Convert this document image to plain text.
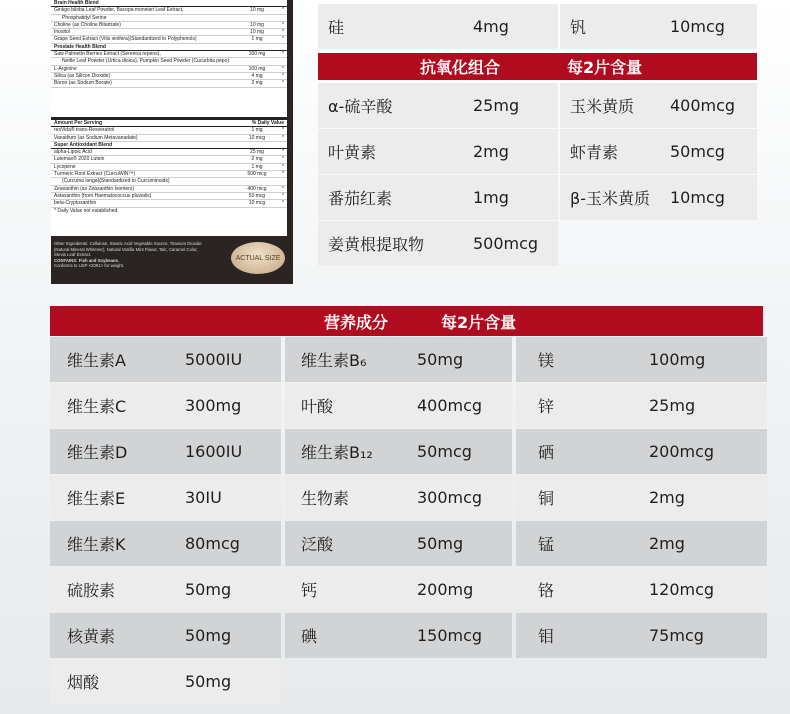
Brain Health Blend
Ginkgo biloba Leaf Powder, Bacopa monnieri Leaf Extract,	10 mg	*
Phosphatidyl Serine
Choline (as Choline Bitartrate)	10 mg	*
Inositol	10 mg	*
Grape Seed Extract (Vitis vinifera)(Standardized to Polyphenols)	1 mg	*
Prostate Health Blend
Saw Palmetto Berries Extract (Serenoa repens),	160 mg	*
Nettle Leaf Powder (Urtica dioica), Pumpkin Seed Powder (Cucurbita pepo)
L-Arginine	100 mg	*
Silica (as Silicon Dioxide)	4 mg	*
Boron (as Sodium Borate)	2 mg	*
Amount Per Serving	% Daily Value
resVida® trans-Resveratrol	1 mg	*
Vanadium (as Sodium Metavanadate)	10 mcg	*
Super Antioxidant Blend
alpha-Lipoic Acid	25 mg	*
Lutemax® 2020 Lutein	2 mg	*
Lycopene	1 mg	*
Turmeric Root Extract (CurcuWIN™)	500 mcg	*
(Curcuma longa)(Standardized to Curcuminoids)
Zeaxanthin (as Zeaxanthin Isomers)	400 mcg	*
Astaxanthin (from Haematococcus pluvialis)	50 mcg	*
beta-Cryptoxanthin	10 mcg	*
* Daily Value not established.
Other Ingredients: Cellulose, Stearic Acid Vegetable Source, Titanium Dioxide (Natural Mineral Whitener), Natural Vanilla Mint Flavor, Talc, Caramel Color, Stevia Leaf Extract.
CONTAINS: Fish and Soybeans.
Conforms to USP <2091> for weight.
ACTUAL SIZE
硅	4mg	钒	10mcg
抗氧化组合	每2片含量
α-硫辛酸	25mg	玉米黄质 400mcg
叶黄素	2mg	虾青素	50mcg
番茄红素	1mg	β-玉米黄质 10mcg
姜黄根提取物	500mcg
营养成分	每2片含量
维生素A	5000IU	维生素B₆	50mg	镁	100mg
维生素C	300mg	叶酸	400mcg	锌	25mg
维生素D	1600IU	维生素B₁₂	50mcg	硒	200mcg
维生素E	30IU	生物素	300mcg	铜	2mg
维生素K	80mcg	泛酸	50mg	锰	2mg
硫胺素	50mg	钙	200mg	铬	120mcg
核黄素	50mg	碘	150mcg	钼	75mcg
烟酸	50mg
